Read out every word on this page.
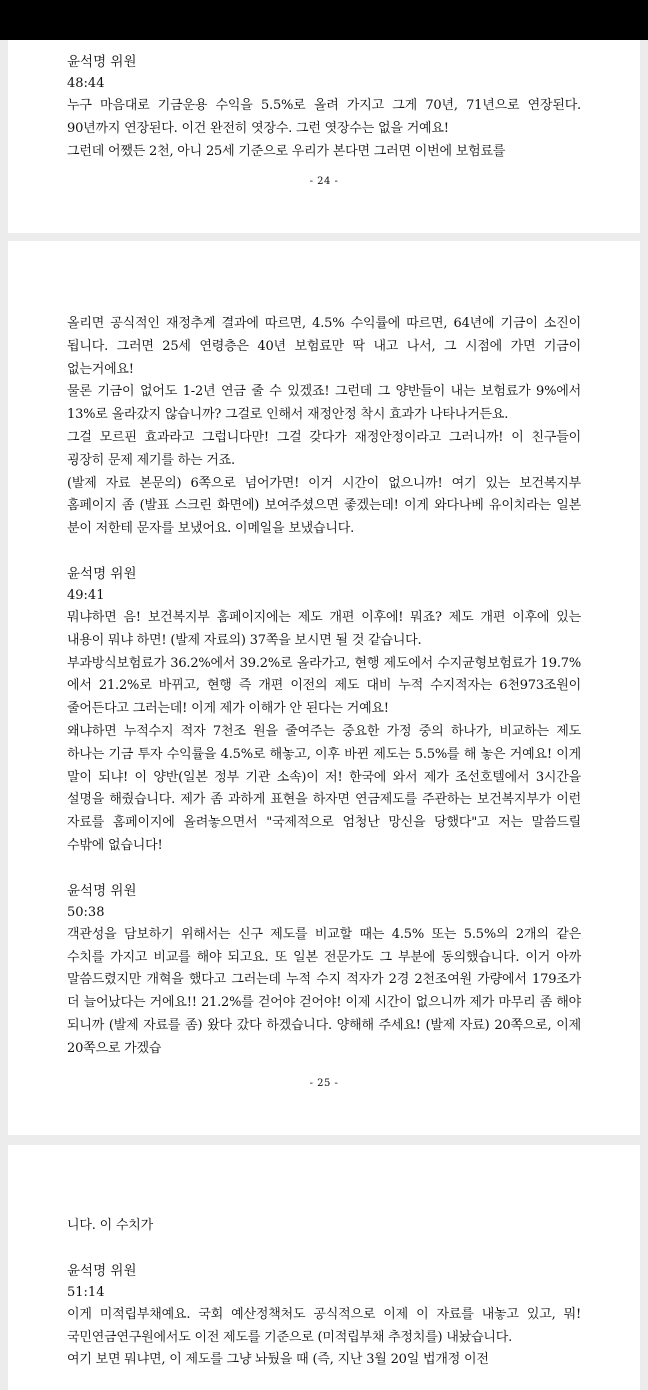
윤석명 위원
48:44
누구 마음대로 기금운용 수익을 5.5%로 올려 가지고 그게 70년, 71년으로 연장된다. 90년까지 연장된다. 이건 완전히 엿장수. 그런 엿장수는 없을 거예요!
그런데 어쨌든 2천, 아니 25세 기준으로 우리가 본다면 그러면 이번에 보험료를
- 24 -
올리면 공식적인 재정추계 결과에 따르면, 4.5% 수익률에 따르면, 64년에 기금이 소진이 됩니다. 그러면 25세 연령층은 40년 보험료만 딱 내고 나서, 그 시점에 가면 기금이 없는거에요!
물론 기금이 없어도 1-2년 연금 줄 수 있겠죠! 그런데 그 양반들이 내는 보험료가 9%에서 13%로 올라갔지 않습니까? 그걸로 인해서 재정안정 착시 효과가 나타나거든요.
그걸 모르핀 효과라고 그럽니다만! 그걸 갖다가 재정안정이라고 그러니까! 이 친구들이 굉장히 문제 제기를 하는 거죠.
(발제 자료 본문의) 6쪽으로 넘어가면! 이거 시간이 없으니까! 여기 있는 보건복지부 홈페이지 좀 (발표 스크린 화면에) 보여주셨으면 좋겠는데! 이게 와다나베 유이치라는 일본 분이 저한테 문자를 보냈어요. 이메일을 보냈습니다.
윤석명 위원
49:41
뭐냐하면 음! 보건복지부 홈페이지에는 제도 개편 이후에! 뭐죠? 제도 개편 이후에 있는 내용이 뭐냐 하면! (발제 자료의) 37쪽을 보시면 될 것 같습니다.
부과방식보험료가 36.2%에서 39.2%로 올라가고, 현행 제도에서 수지균형보험료가 19.7%에서 21.2%로 바뀌고, 현행 즉 개편 이전의 제도 대비 누적 수지적자는 6천973조원이 줄어든다고 그러는데! 이게 제가 이해가 안 된다는 거예요!
왜냐하면 누적수지 적자 7천조 원을 줄여주는 중요한 가정 중의 하나가, 비교하는 제도 하나는 기금 투자 수익률을 4.5%로 해놓고, 이후 바뀐 제도는 5.5%를 해 놓은 거예요! 이게 말이 되냐! 이 양반(일본 정부 기관 소속)이 저! 한국에 와서 제가 조선호텔에서 3시간을 설명을 해줬습니다. 제가 좀 과하게 표현을 하자면 연금제도를 주관하는 보건복지부가 이런 자료를 홈페이지에 올려놓으면서 "국제적으로 엄청난 망신을 당했다"고 저는 말씀드릴 수밖에 없습니다!
윤석명 위원
50:38
객관성을 담보하기 위해서는 신구 제도를 비교할 때는 4.5% 또는 5.5%의 2개의 같은 수치를 가지고 비교를 해야 되고요. 또 일본 전문가도 그 부분에 동의했습니다. 이거 아까 말씀드렸지만 개혁을 했다고 그러는데 누적 수지 적자가 2경 2천조여원 가량에서 179조가 더 늘어났다는 거에요!! 21.2%를 걷어야 걷어야! 이제 시간이 없으니까 제가 마무리 좀 해야 되니까 (발제 자료를 좀) 왔다 갔다 하겠습니다. 양해해 주세요! (발제 자료) 20쪽으로, 이제 20쪽으로 가겠습
- 25 -
니다. 이 수치가
윤석명 위원
51:14
이게 미적립부채예요. 국회 예산정책처도 공식적으로 이제 이 자료를 내놓고 있고, 뭐! 국민연금연구원에서도 이전 제도를 기준으로 (미적립부채 추정치를) 내놨습니다.
여기 보면 뭐냐면, 이 제도를 그냥 놔뒀을 때 (즉, 지난 3월 20일 법개정 이전
